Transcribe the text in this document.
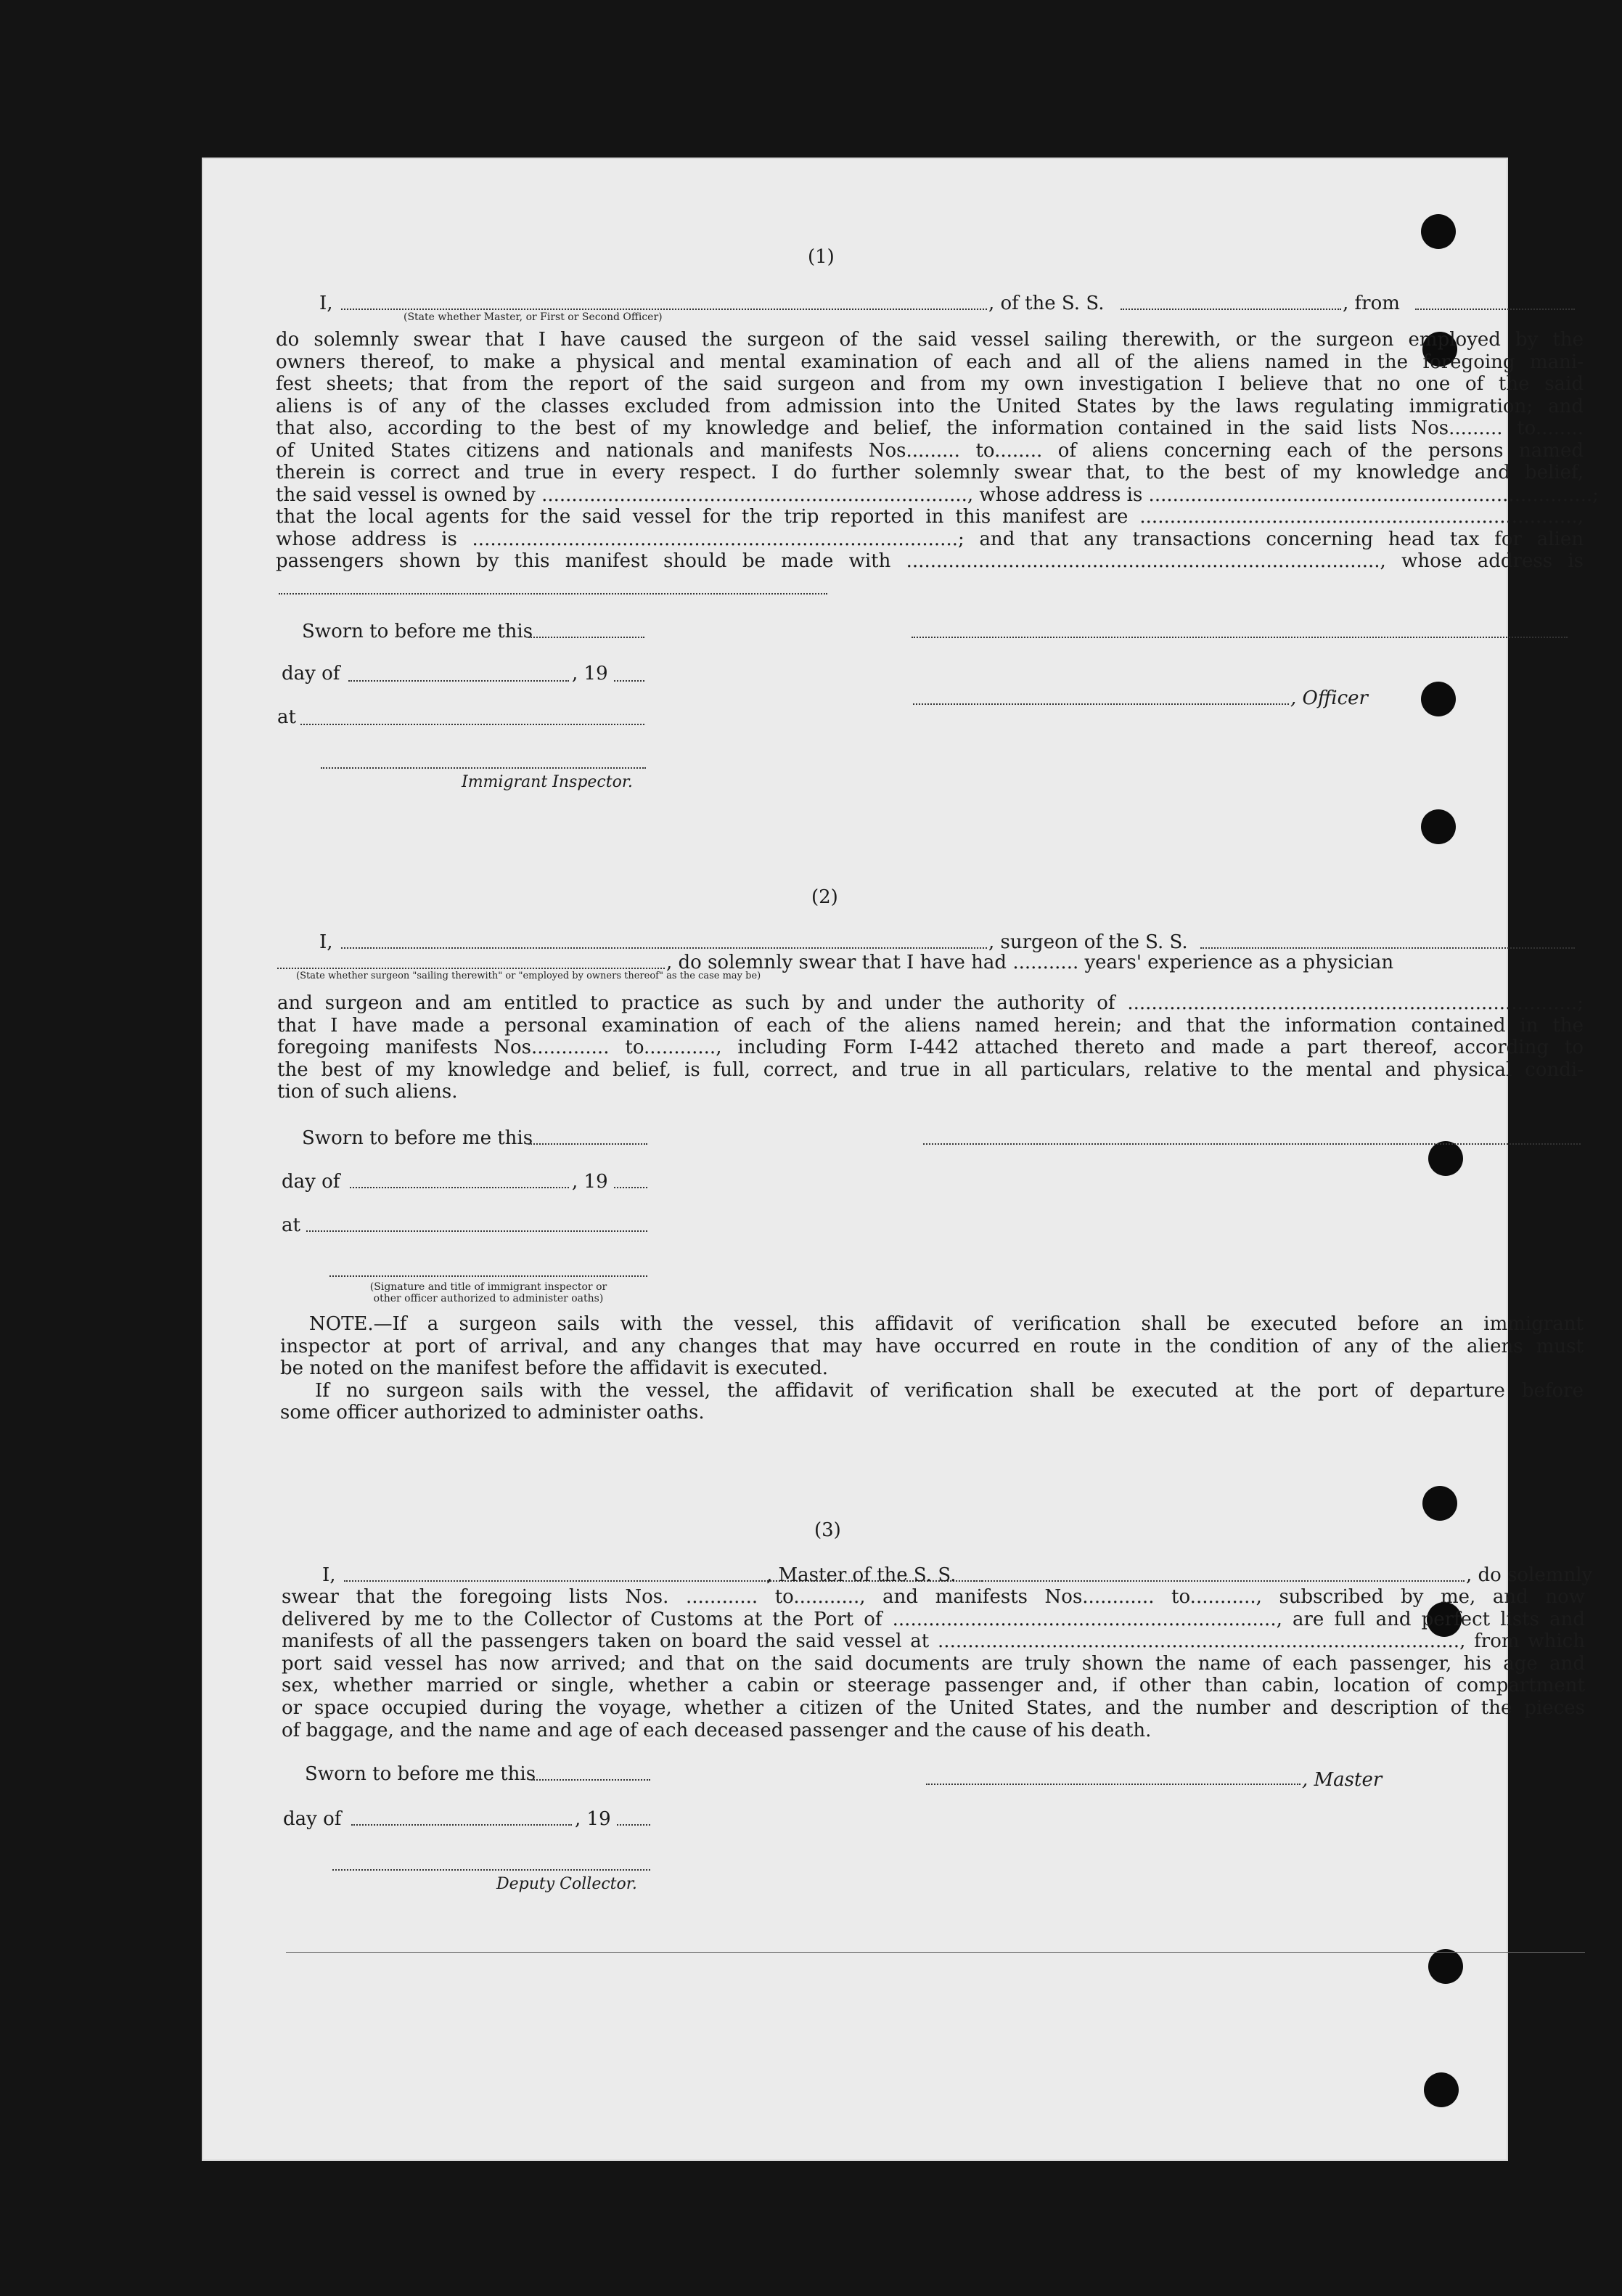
(1)
I,	, of the S. S.	, from
(State whether Master, or First or Second Officer)
do solemnly swear that I have caused the surgeon of the said vessel sailing therewith, or the surgeon employed by the
owners thereof, to make a physical and mental examination of each and all of the aliens named in the foregoing mani-
fest sheets; that from the report of the said surgeon and from my own investigation I believe that no one of the said
aliens is of any of the classes excluded from admission into the United States by the laws regulating immigration; and
that also, according to the best of my knowledge and belief, the information contained in the said lists Nos......... to........
of United States citizens and nationals and manifests Nos......... to........ of aliens concerning each of the persons named
therein is correct and true in every respect. I do further solemnly swear that, to the best of my knowledge and belief,
the said vessel is owned by ......................................................................., whose address is ..........................................................................;
that the local agents for the said vessel for the trip reported in this manifest are .........................................................................,
whose address is .................................................................................; and that any transactions concerning head tax for alien
passengers shown by this manifest should be made with ..............................................................................., whose address is
Sworn to before me this
day of	, 19
, Officer
at
Immigrant Inspector.
(2)
I,	, surgeon of the S. S.
, do solemnly swear that I have had ........... years' experience as a physician
(State whether surgeon "sailing therewith" or "employed by owners thereof" as the case may be)
and surgeon and am entitled to practice as such by and under the authority of ...........................................................................;
that I have made a personal examination of each of the aliens named herein; and that the information contained in the
foregoing manifests Nos............. to............, including Form I-442 attached thereto and made a part thereof, according to
the best of my knowledge and belief, is full, correct, and true in all particulars, relative to the mental and physical condi-
tion of such aliens.
Sworn to before me this
day of	, 19
at
(Signature and title of immigrant inspector or
other officer authorized to administer oaths)
NOTE.—If a surgeon sails with the vessel, this affidavit of verification shall be executed before an immigrant
inspector at port of arrival, and any changes that may have occurred en route in the condition of any of the aliens must
be noted on the manifest before the affidavit is executed.
If no surgeon sails with the vessel, the affidavit of verification shall be executed at the port of departure before
some officer authorized to administer oaths.
(3)
I,	, Master of the S. S.	, do solemnly
swear that the foregoing lists Nos. ............ to..........., and manifests Nos............ to..........., subscribed by me, and now
delivered by me to the Collector of Customs at the Port of ................................................................, are full and perfect lists and
manifests of all the passengers taken on board the said vessel at ......................................................................................., from which
port said vessel has now arrived; and that on the said documents are truly shown the name of each passenger, his age and
sex, whether married or single, whether a cabin or steerage passenger and, if other than cabin, location of compartment
or space occupied during the voyage, whether a citizen of the United States, and the number and description of the pieces
of baggage, and the name and age of each deceased passenger and the cause of his death.
Sworn to before me this	, Master
day of	, 19
Deputy Collector.
